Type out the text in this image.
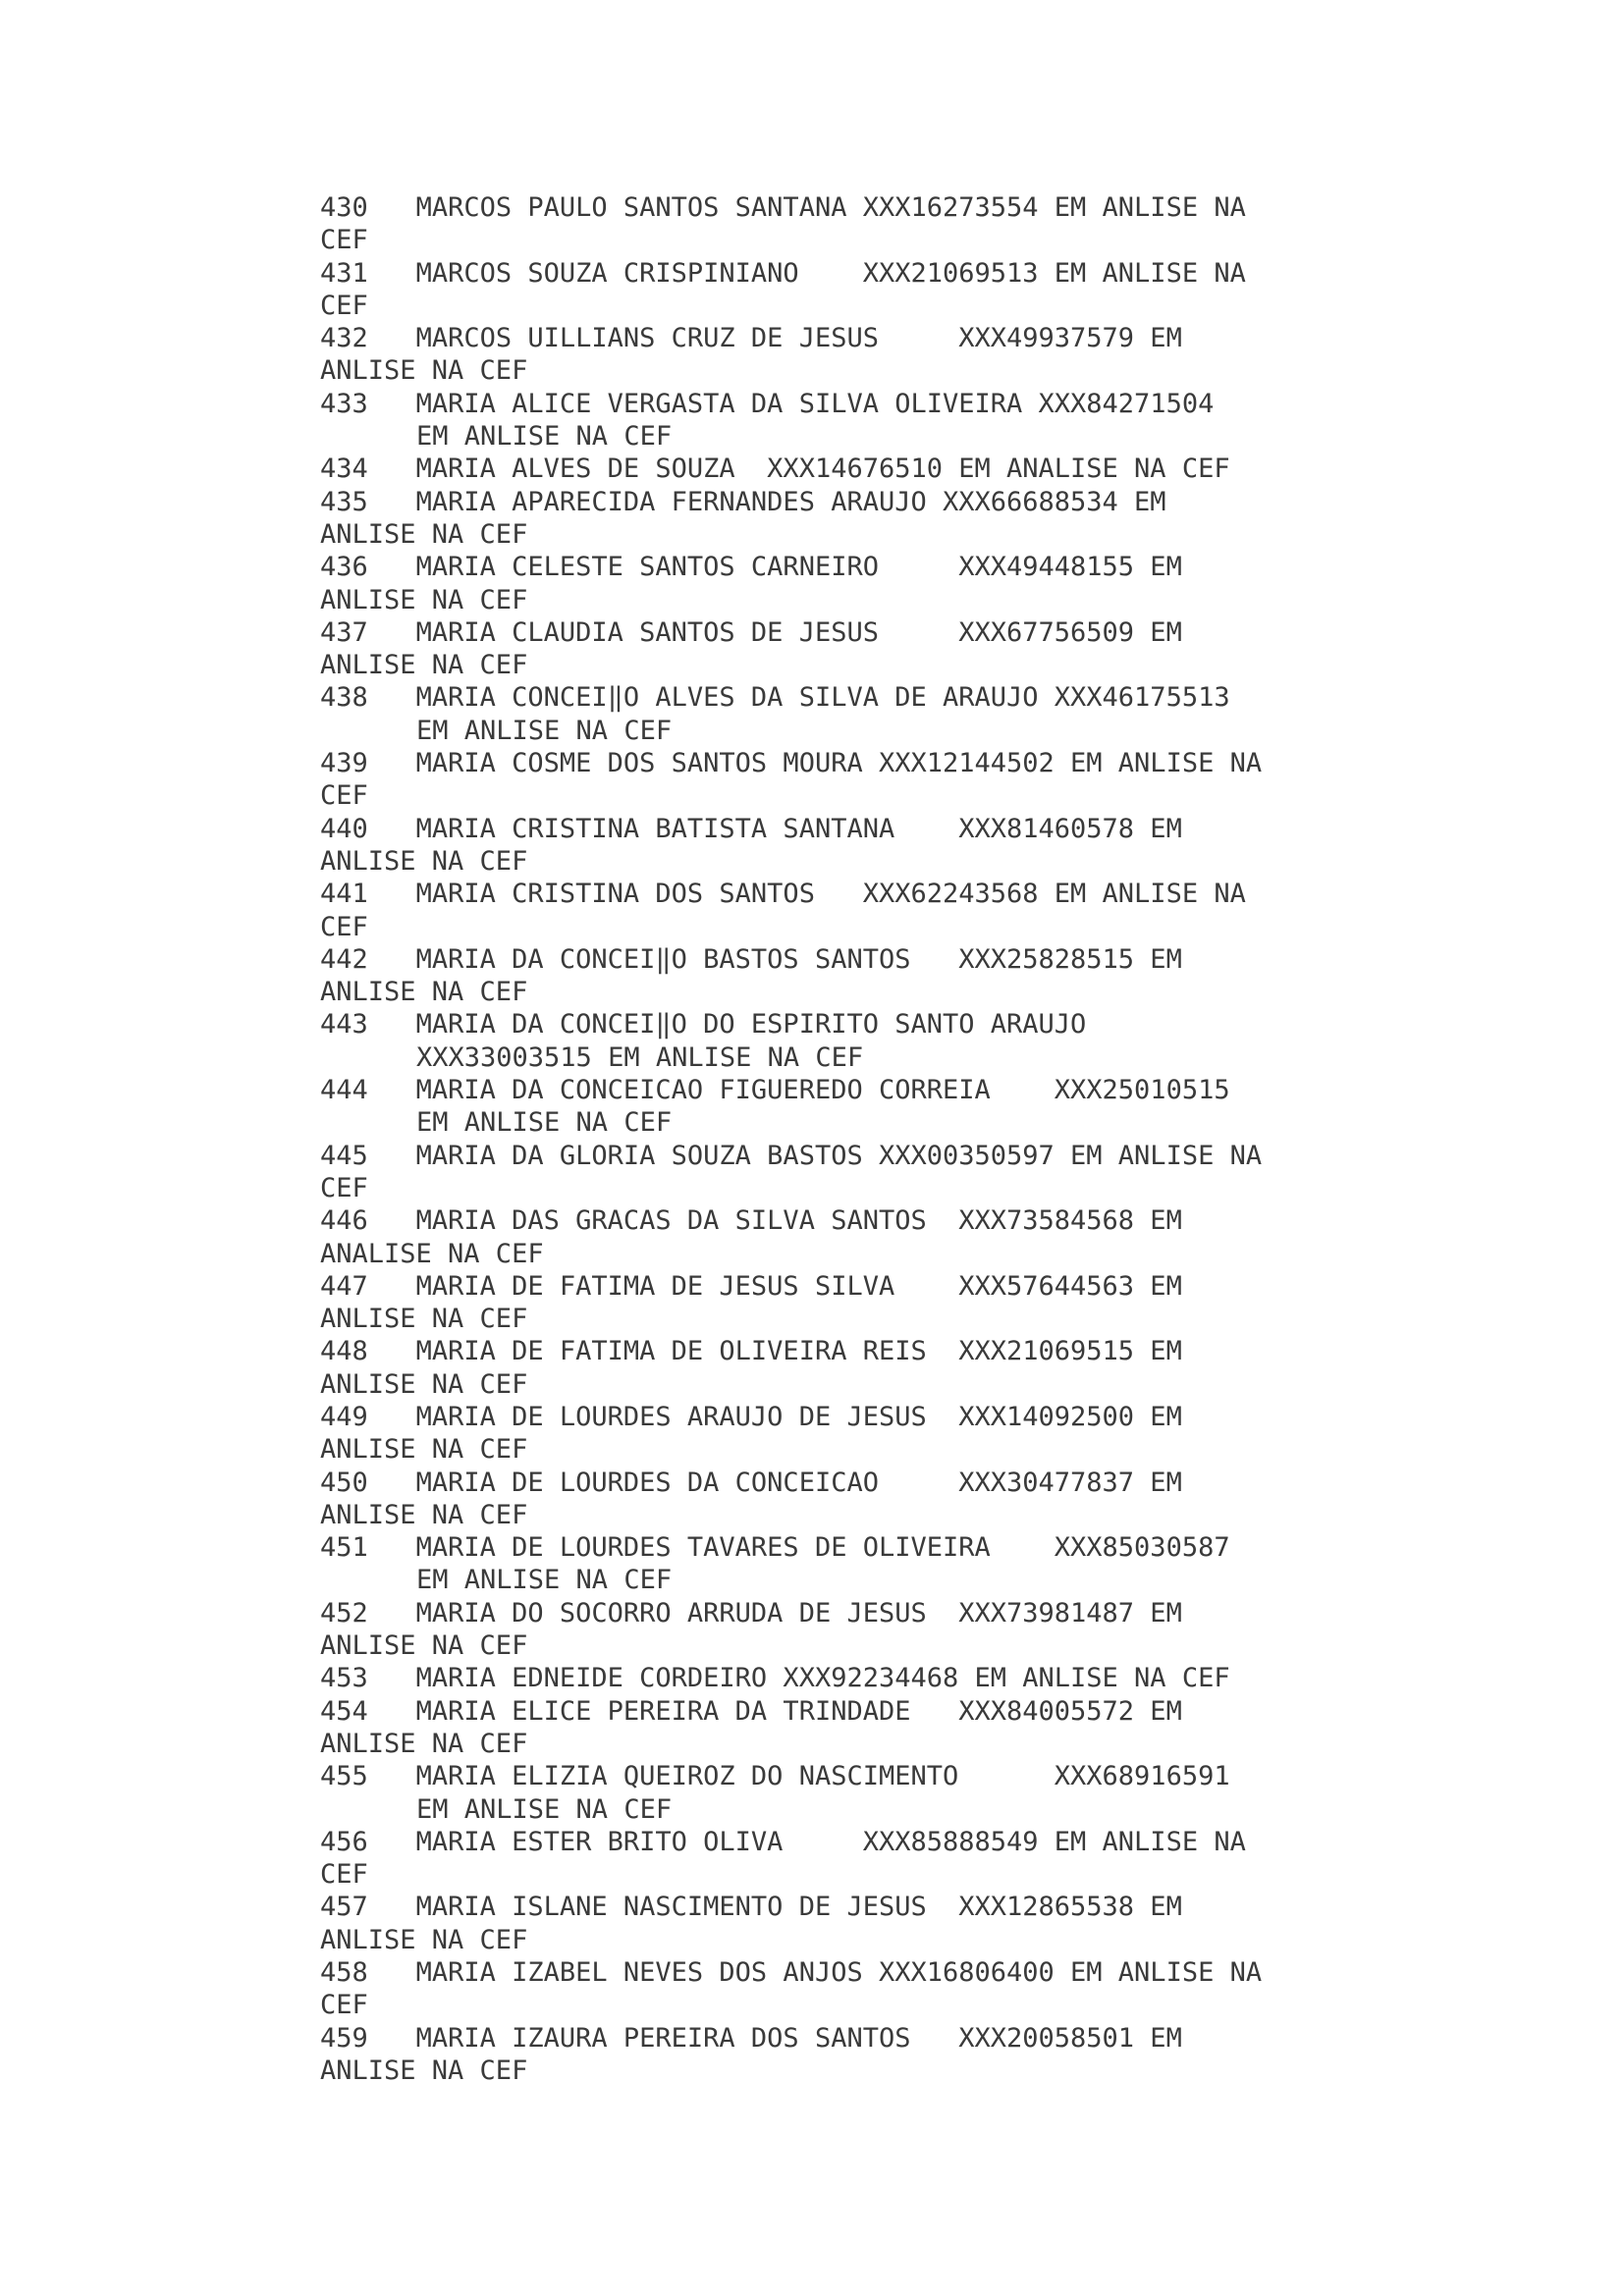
430 MARCOS PAULO SANTOS SANTANA XXX16273554 EM ANLISE NA
CEF
431 MARCOS SOUZA CRISPINIANO    XXX21069513 EM ANLISE NA
CEF
432 MARCOS UILLIANS CRUZ DE JESUS     XXX49937579 EM
ANLISE NA CEF
433 MARIA ALICE VERGASTA DA SILVA OLIVEIRA XXX84271504
EM ANLISE NA CEF
434 MARIA ALVES DE SOUZA  XXX14676510 EM ANALISE NA CEF
435 MARIA APARECIDA FERNANDES ARAUJO XXX66688534 EM
ANLISE NA CEF
436 MARIA CELESTE SANTOS CARNEIRO     XXX49448155 EM
ANLISE NA CEF
437 MARIA CLAUDIA SANTOS DE JESUS     XXX67756509 EM
ANLISE NA CEF
438 MARIA CONCEI‖O ALVES DA SILVA DE ARAUJO XXX46175513
EM ANLISE NA CEF
439 MARIA COSME DOS SANTOS MOURA XXX12144502 EM ANLISE NA
CEF
440 MARIA CRISTINA BATISTA SANTANA    XXX81460578 EM
ANLISE NA CEF
441 MARIA CRISTINA DOS SANTOS   XXX62243568 EM ANLISE NA
CEF
442 MARIA DA CONCEI‖O BASTOS SANTOS   XXX25828515 EM
ANLISE NA CEF
443 MARIA DA CONCEI‖O DO ESPIRITO SANTO ARAUJO
XXX33003515 EM ANLISE NA CEF
444 MARIA DA CONCEICAO FIGUEREDO CORREIA    XXX25010515
EM ANLISE NA CEF
445 MARIA DA GLORIA SOUZA BASTOS XXX00350597 EM ANLISE NA
CEF
446 MARIA DAS GRACAS DA SILVA SANTOS  XXX73584568 EM
ANALISE NA CEF
447 MARIA DE FATIMA DE JESUS SILVA    XXX57644563 EM
ANLISE NA CEF
448 MARIA DE FATIMA DE OLIVEIRA REIS  XXX21069515 EM
ANLISE NA CEF
449 MARIA DE LOURDES ARAUJO DE JESUS  XXX14092500 EM
ANLISE NA CEF
450 MARIA DE LOURDES DA CONCEICAO     XXX30477837 EM
ANLISE NA CEF
451 MARIA DE LOURDES TAVARES DE OLIVEIRA    XXX85030587
EM ANLISE NA CEF
452 MARIA DO SOCORRO ARRUDA DE JESUS  XXX73981487 EM
ANLISE NA CEF
453 MARIA EDNEIDE CORDEIRO XXX92234468 EM ANLISE NA CEF
454 MARIA ELICE PEREIRA DA TRINDADE   XXX84005572 EM
ANLISE NA CEF
455 MARIA ELIZIA QUEIROZ DO NASCIMENTO      XXX68916591
EM ANLISE NA CEF
456 MARIA ESTER BRITO OLIVA     XXX85888549 EM ANLISE NA
CEF
457 MARIA ISLANE NASCIMENTO DE JESUS  XXX12865538 EM
ANLISE NA CEF
458 MARIA IZABEL NEVES DOS ANJOS XXX16806400 EM ANLISE NA
CEF
459 MARIA IZAURA PEREIRA DOS SANTOS   XXX20058501 EM
ANLISE NA CEF
